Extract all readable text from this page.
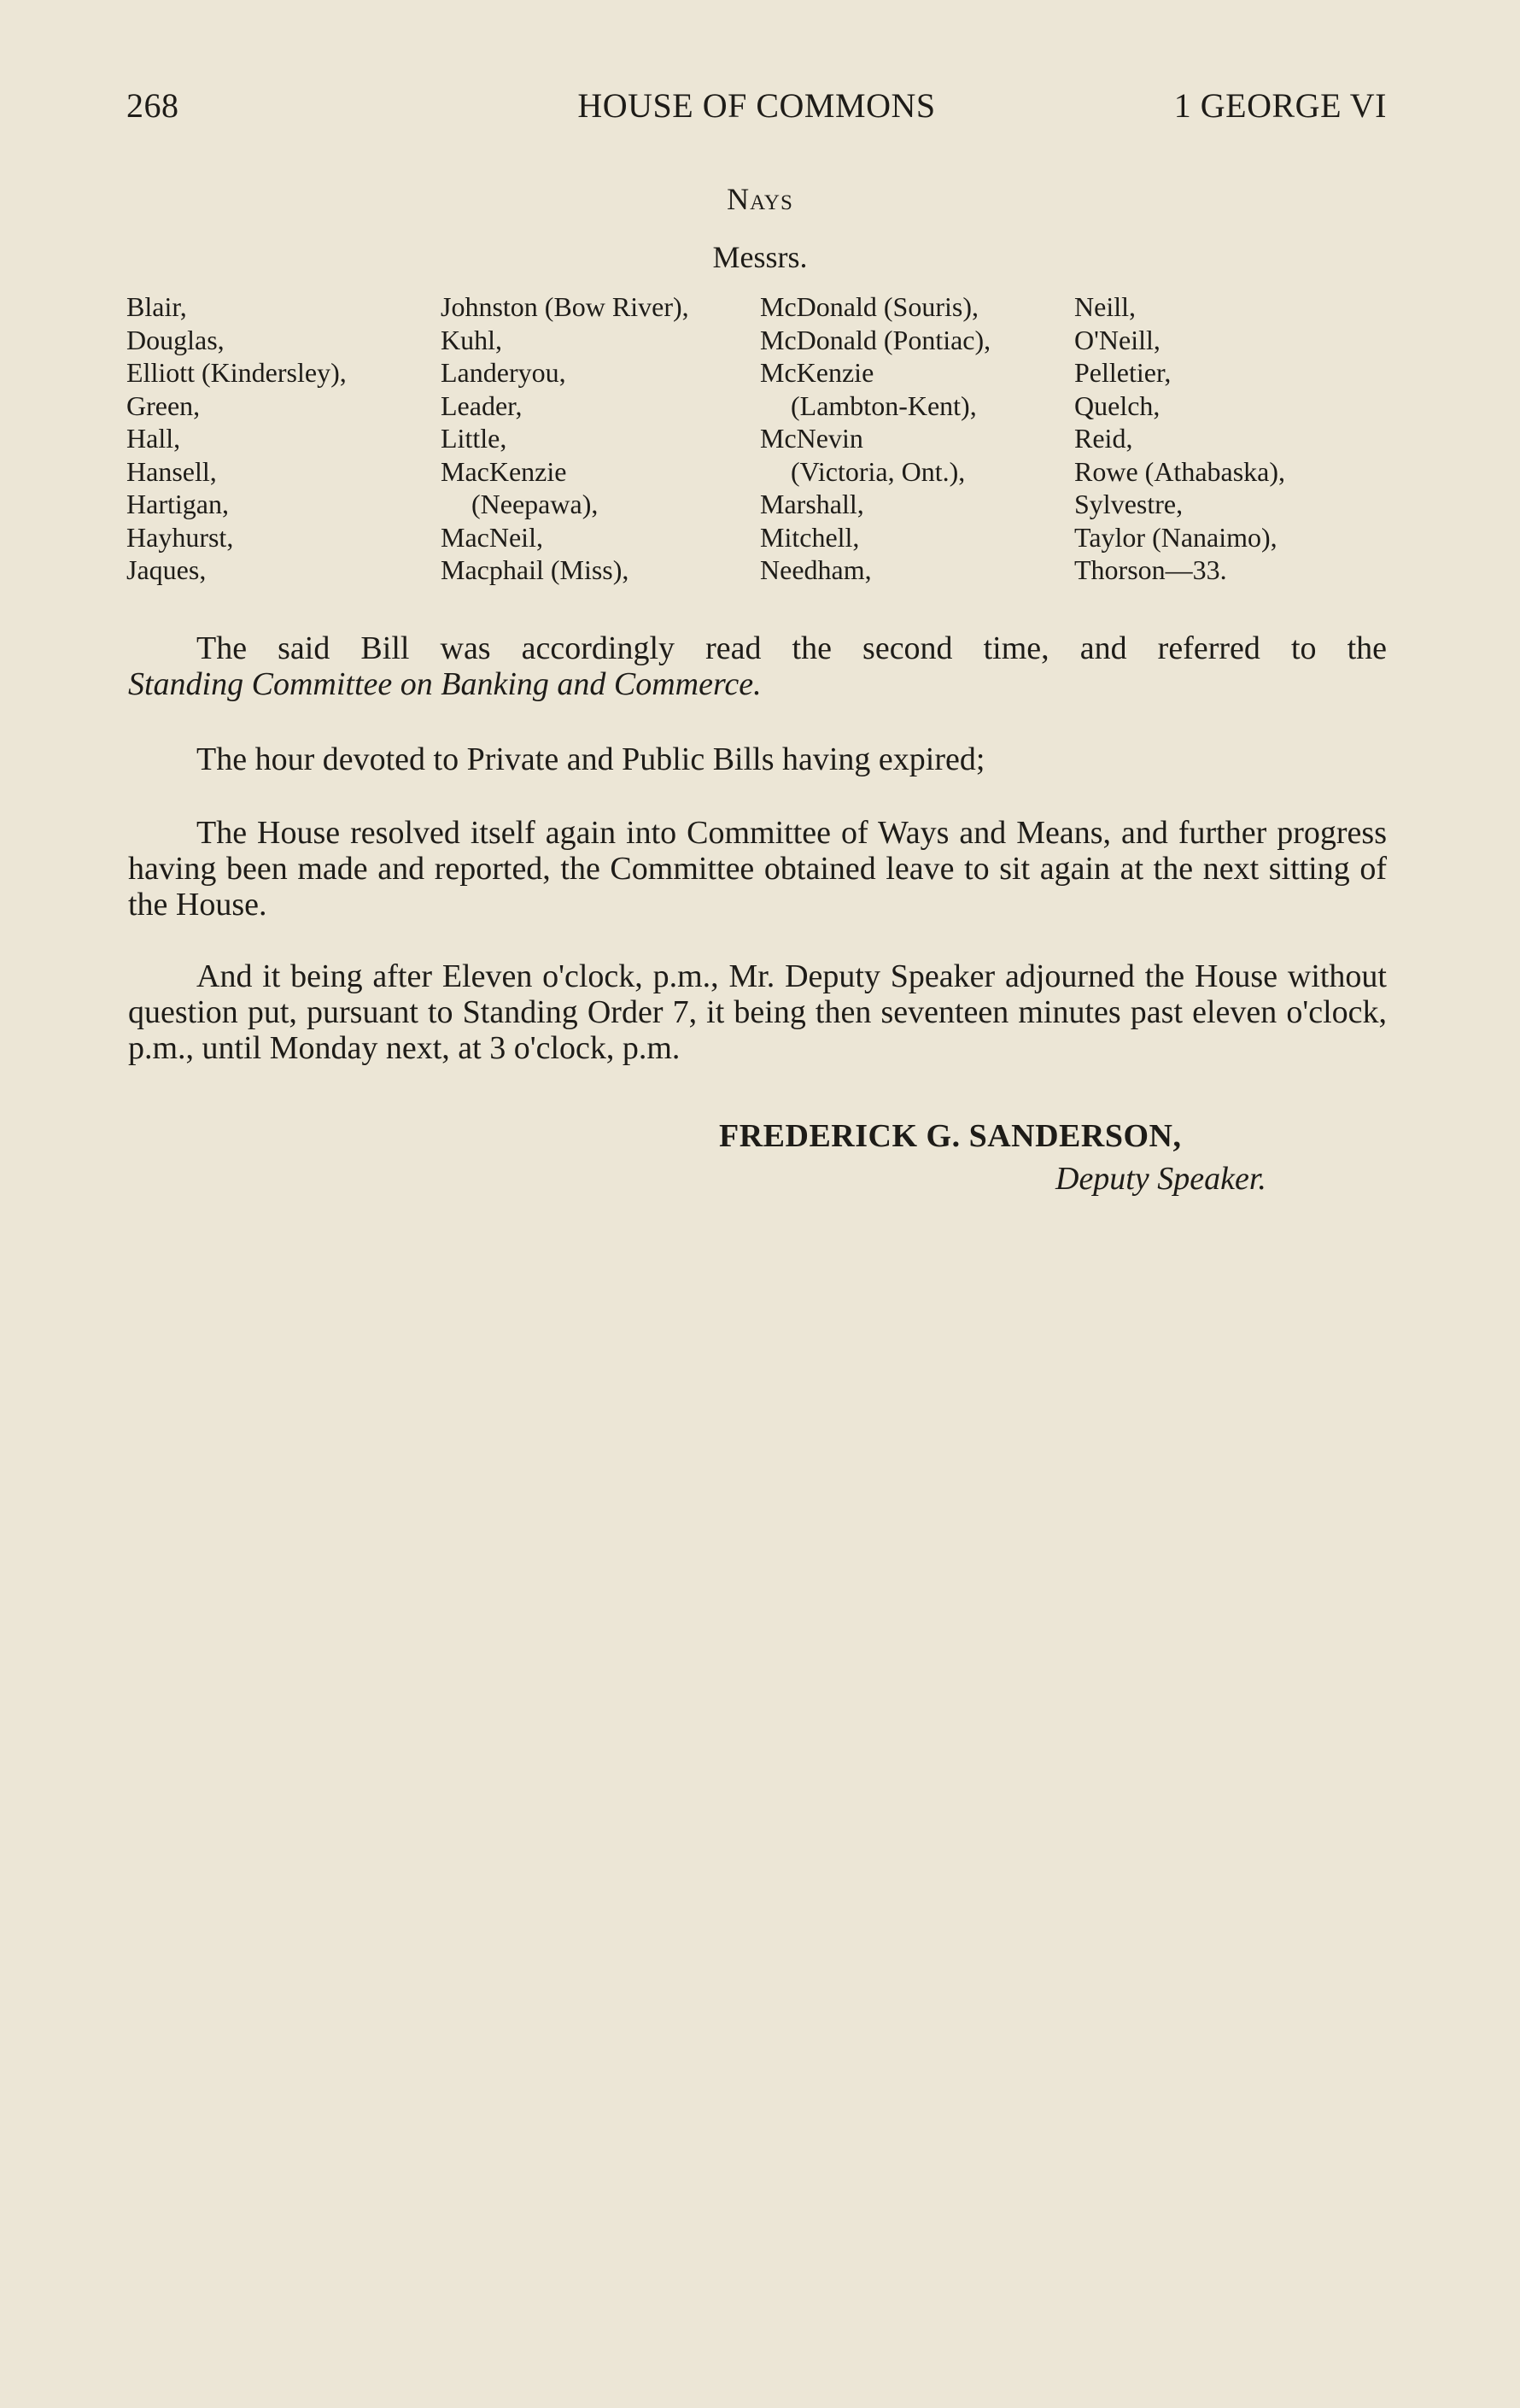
268	HOUSE OF COMMONS	1 GEORGE VI
Nays
Messrs.
Blair,
Douglas,
Elliott (Kindersley),
Green,
Hall,
Hansell,
Hartigan,
Hayhurst,
Jaques,
Johnston (Bow River),
Kuhl,
Landeryou,
Leader,
Little,
MacKenzie
(Neepawa),
MacNeil,
Macphail (Miss),
McDonald (Souris),
McDonald (Pontiac),
McKenzie
(Lambton-Kent),
McNevin
(Victoria, Ont.),
Marshall,
Mitchell,
Needham,
Neill,
O'Neill,
Pelletier,
Quelch,
Reid,
Rowe (Athabaska),
Sylvestre,
Taylor (Nanaimo),
Thorson—33.

The said Bill was accordingly read the second time, and referred to the

Standing Committee on Banking and Commerce.

The hour devoted to Private and Public Bills having expired;

The House resolved itself again into Committee of Ways and Means, and further progress having been made and reported, the Committee obtained leave to sit again at the next sitting of the House.

And it being after Eleven o'clock, p.m., Mr. Deputy Speaker adjourned the House without question put, pursuant to Standing Order 7, it being then seventeen minutes past eleven o'clock, p.m., until Monday next, at 3 o'clock, p.m.

FREDERICK G. SANDERSON,
Deputy Speaker.
